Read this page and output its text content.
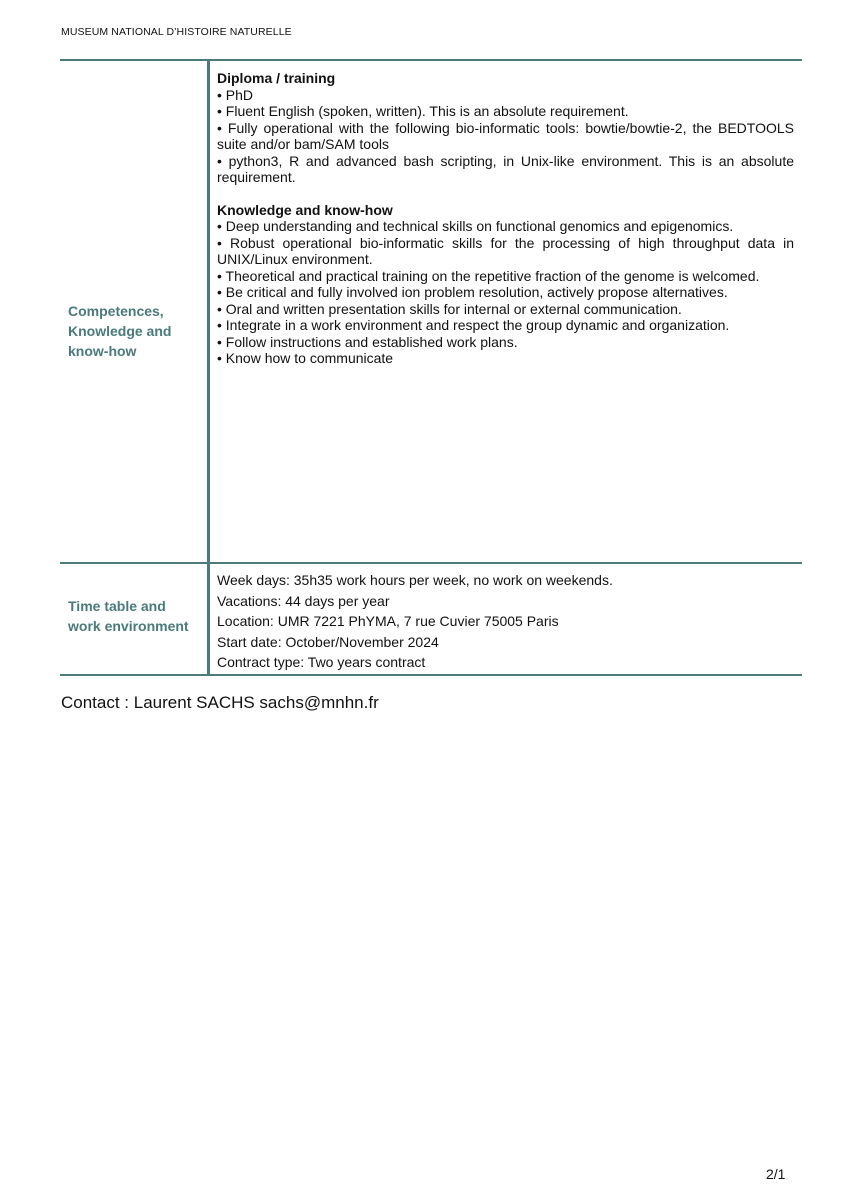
MUSEUM NATIONAL D’HISTOIRE NATURELLE
Competences,
Knowledge and
know-how
Diploma / training
• PhD
• Fluent English (spoken, written). This is an absolute requirement.
• Fully operational with the following bio-informatic tools: bowtie/bowtie-2, the BEDTOOLS suite and/or bam/SAM tools
• python3, R and advanced bash scripting, in Unix-like environment. This is an absolute requirement.
Knowledge and know-how
• Deep understanding and technical skills on functional genomics and epigenomics.
• Robust operational bio-informatic skills for the processing of high throughput data in UNIX/Linux environment.
• Theoretical and practical training on the repetitive fraction of the genome is welcomed.
• Be critical and fully involved ion problem resolution, actively propose alternatives.
• Oral and written presentation skills for internal or external communication.
• Integrate in a work environment and respect the group dynamic and organization.
• Follow instructions and established work plans.
• Know how to communicate
Time table and
work environment
Week days: 35h35 work hours per week, no work on weekends.
Vacations: 44 days per year
Location: UMR 7221 PhYMA, 7 rue Cuvier 75005 Paris
Start date: October/November 2024
Contract type: Two years contract
Contact : Laurent SACHS sachs@mnhn.fr
2/1
